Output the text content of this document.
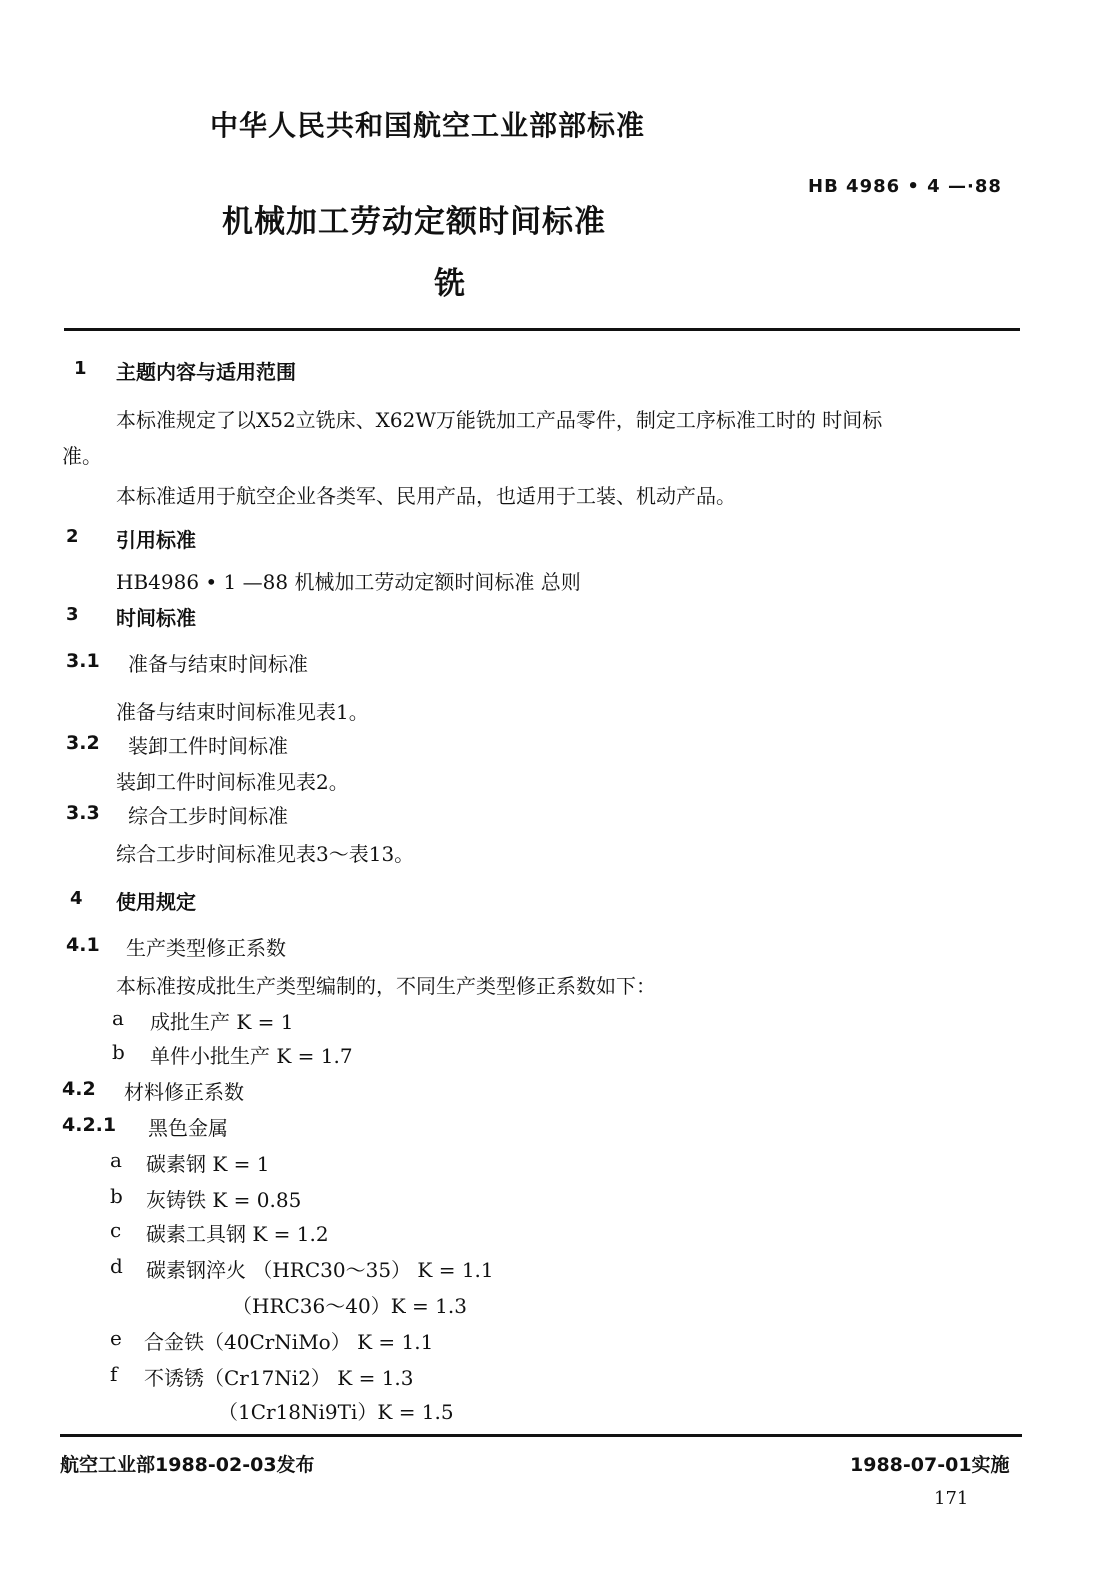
中华人民共和国航空工业部部标准
HB 4986 • 4 —·88
机械加工劳动定额时间标准
铣
1 主题内容与适用范围
本标准规定了以X52立铣床、X62W万能铣加工产品零件，制定工序标准工时的 时间标
准。
本标准适用于航空企业各类军、民用产品，也适用于工装、机动产品。
2 引用标准
HB4986 • 1 —88 机械加工劳动定额时间标准 总则
3 时间标准
3.1 准备与结束时间标准
准备与结束时间标准见表1。
3.2 装卸工件时间标准
装卸工件时间标准见表2。
3.3 综合工步时间标准
综合工步时间标准见表3～表13。
4 使用规定
4.1 生产类型修正系数
本标准按成批生产类型编制的，不同生产类型修正系数如下：
a 成批生产 K = 1
b 单件小批生产 K = 1.7
4.2 材料修正系数
4.2.1 黑色金属
a 碳素钢 K = 1
b 灰铸铁 K = 0.85
c 碳素工具钢 K = 1.2
d 碳素钢淬火 （HRC30～35） K = 1.1
（HRC36～40）K = 1.3
e 合金铁（40CrNiMo） K = 1.1
f 不诱锈（Cr17Ni2） K = 1.3
（1Cr18Ni9Ti）K = 1.5
航空工业部1988-02-03发布	1988-07-01实施
171
